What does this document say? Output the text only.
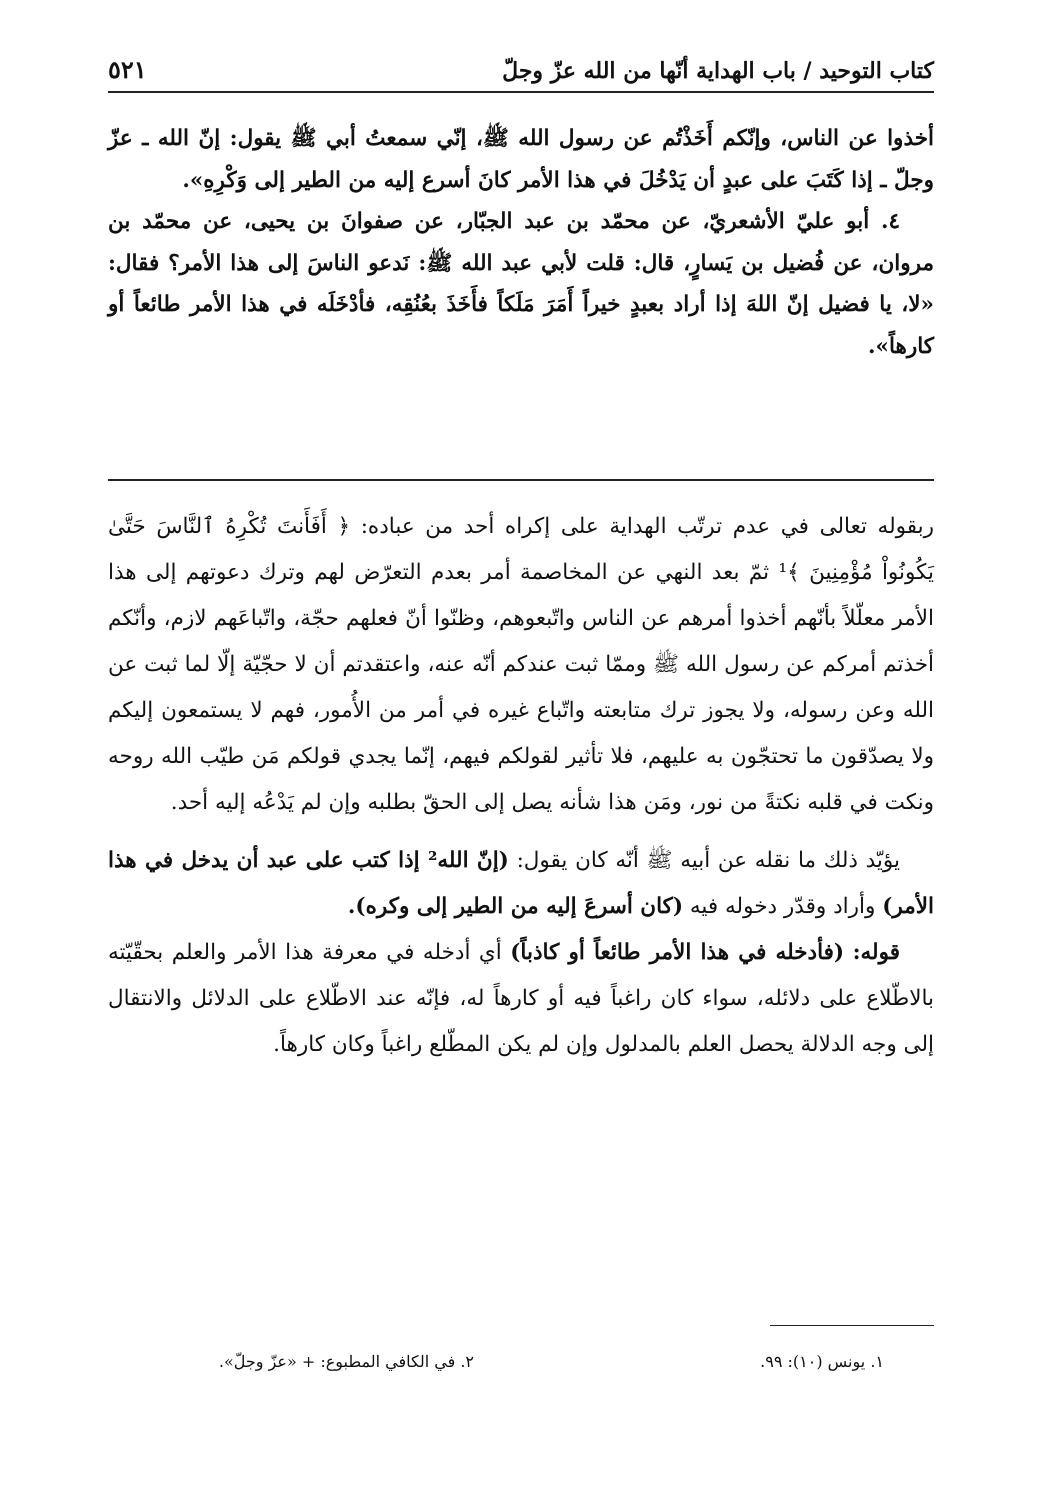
كتاب التوحيد / باب الهداية أنّها من الله عزّ وجلّ
٥٢١

أخذوا عن الناس، وإنّكم أَخَذْتُم عن رسول الله ﷺ، إنّي سمعتُ أبي ﷺ يقول: إنّ الله ـ عزّ وجلّ ـ إذا كَتَبَ على عبدٍ أن يَدْخُلَ في هذا الأمر كانَ أسرع إليه من الطير إلى وَكْرِهِ».

٤. أبو عليّ الأشعريّ، عن محمّد بن عبد الجبّار، عن صفوانَ بن يحيى، عن محمّد بن مروان، عن فُضيل بن يَسارٍ، قال: قلت لأبي عبد الله ﷺ: نَدعو الناسَ إلى هذا الأمر؟ فقال: «لا، يا فضيل إنّ اللهَ إذا أراد بعبدٍ خيراً أَمَرَ مَلَكاً فأَخَذَ بعُنُقِه، فأدْخَلَه في هذا الأمر طائعاً أو كارهاً».

ربقوله تعالى في عدم ترتّب الهداية على إكراه أحد من عباده: ﴿ أَفَأَنتَ تُكْرِهُ ٱلنَّاسَ حَتَّىٰ يَكُونُواْ مُؤْمِنِينَ ﴾¹ ثمّ بعد النهي عن المخاصمة أمر بعدم التعرّض لهم وترك دعوتهم إلى هذا الأمر معلّلاً بأنّهم أخذوا أمرهم عن الناس واتّبعوهم، وظنّوا أنّ فعلهم حجّة، واتّباعَهم لازم، وأنّكم أخذتم أمركم عن رسول الله ﷺ وممّا ثبت عندكم أنّه عنه، واعتقدتم أن لا حجّيّة إلّا لما ثبت عن الله وعن رسوله، ولا يجوز ترك متابعته واتّباع غيره في أمر من الأُمور، فهم لا يستمعون إليكم ولا يصدّقون ما تحتجّون به عليهم، فلا تأثير لقولكم فيهم، إنّما يجدي قولكم مَن طيّب الله روحه ونكت في قلبه نكتةً من نور، ومَن هذا شأنه يصل إلى الحقّ بطلبه وإن لم يَدْعُه إليه أحد.

يؤيّد ذلك ما نقله عن أبيه ﷺ أنّه كان يقول: (إنّ الله² إذا كتب على عبد أن يدخل في هذا الأمر) وأراد وقدّر دخوله فيه (كان أسرعَ إليه من الطير إلى وكره).

قوله: (فأدخله في هذا الأمر طائعاً أو كاذباً) أي أدخله في معرفة هذا الأمر والعلم بحقّيّته بالاطّلاع على دلائله، سواء كان راغباً فيه أو كارهاً له، فإنّه عند الاطّلاع على الدلائل والانتقال إلى وجه الدلالة يحصل العلم بالمدلول وإن لم يكن المطّلع راغباً وكان كارهاً.

١. يونس (١٠): ٩٩.
٢. في الكافي المطبوع: + «عزّ وجلّ».
